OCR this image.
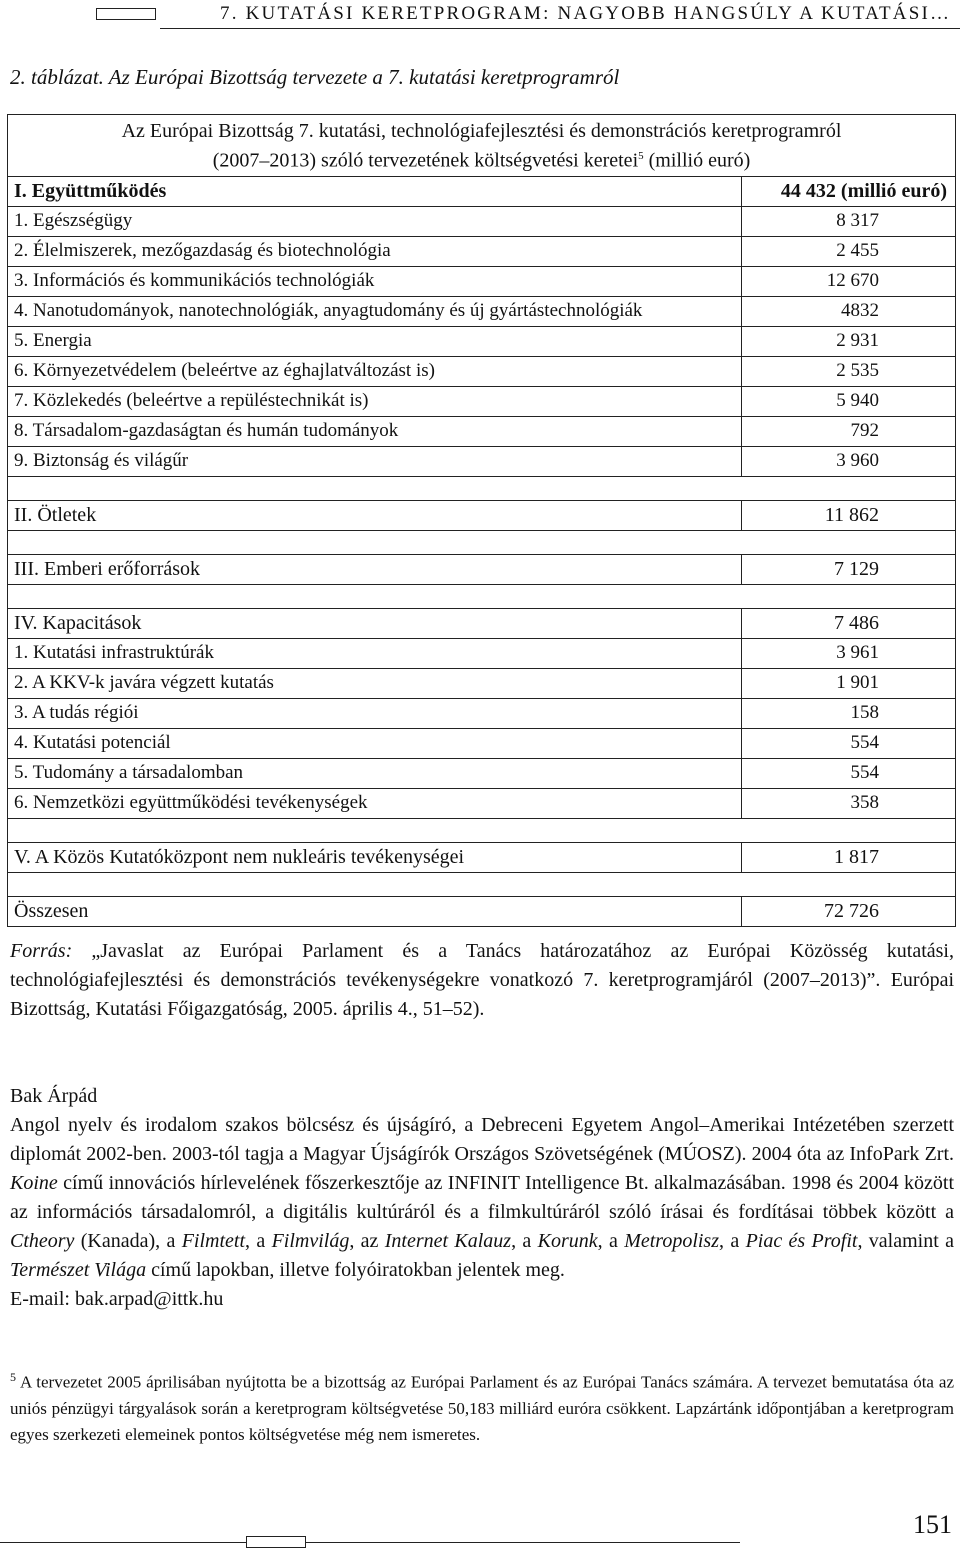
7. KUTATÁSI KERETPROGRAM: NAGYOBB HANGSÚLY A KUTATÁSI…
2. táblázat. Az Európai Bizottság tervezete a 7. kutatási keretprogramról
Az Európai Bizottság 7. kutatási, technológiafejlesztési és demonstrációs keretprogramról
(2007–2013) szóló tervezetének költségvetési keretei$^5$ (millió euró)	
I. Együttműködés	44 432 (millió euró)
1. Egészségügy	8 317
2. Élelmiszerek, mezőgazdaság és biotechnológia	2 455
3. Információs és kommunikációs technológiák	12 670
4. Nanotudományok, nanotechnológiák, anyagtudomány és új gyártástechnológiák	4832
5. Energia	2 931
6. Környezetvédelem (beleértve az éghajlatváltozást is)	2 535
7. Közlekedés (beleértve a repüléstechnikát is)	5 940
8. Társadalom-gazdaságtan és humán tudományok	792
9. Biztonság és világűr	3 960

II. Ötletek	11 862

III. Emberi erőforrások	7 129

IV. Kapacitások	7 486
1. Kutatási infrastruktúrák	3 961
2. A KKV-k javára végzett kutatás	1 901
3. A tudás régiói	158
4. Kutatási potenciál	554
5. Tudomány a társadalomban	554
6. Nemzetközi együttműködési tevékenységek	358

V. A Közös Kutatóközpont nem nukleáris tevékenységei	1 817

Összesen	72 726
Forrás: „Javaslat az Európai Parlament és a Tanács határozatához az Európai Közösség kutatási, technológiafejlesztési és demonstrációs tevékenységekre vonatkozó 7. keretprogramjáról (2007–2013)”. Európai Bizottság, Kutatási Főigazgatóság, 2005. április 4., 51–52).
Bak Árpád
Angol nyelv és irodalom szakos bölcsész és újságíró, a Debreceni Egyetem Angol–Amerikai Intézetében szerzett diplomát 2002-ben. 2003-tól tagja a Magyar Újságírók Országos Szövetségének (MÚOSZ). 2004 óta az InfoPark Zrt. Koine című innovációs hírlevelének főszerkesztője az INFINIT Intelligence Bt. alkalmazásában. 1998 és 2004 között az információs társadalomról, a digitális kultúráról és a filmkultúráról szóló írásai és fordításai többek között a Ctheory (Kanada), a Filmtett, a Filmvilág, az Internet Kalauz, a Korunk, a Metropolisz, a Piac és Profit, valamint a Természet Világa című lapokban, illetve folyóiratokban jelentek meg.
E-mail: bak.arpad@ittk.hu
$^5$ A tervezetet 2005 áprilisában nyújtotta be a bizottság az Európai Parlament és az Európai Tanács számára. A tervezet bemutatása óta az uniós pénzügyi tárgyalások során a keretprogram költségvetése 50,183 milliárd euróra csökkent. Lapzártánk időpontjában a keretprogram egyes szerkezeti elemeinek pontos költségvetése még nem ismeretes.
151
